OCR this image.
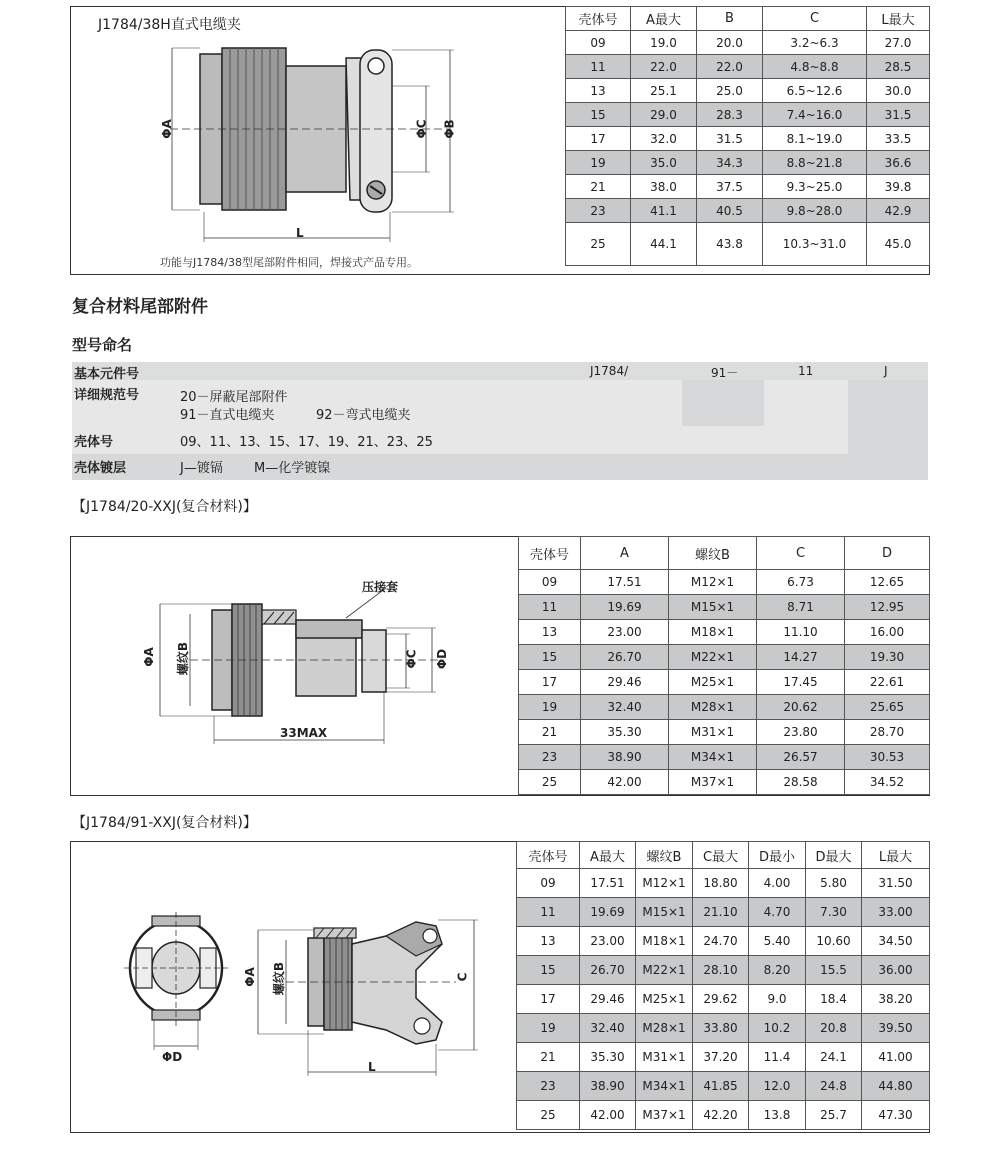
J1784/38H直式电缆夹
ΦA	ΦC ΦB
L
功能与J1784/38型尾部附件相同，焊接式产品专用。
壳体号	A最大	B	C	L最大
09	19.0	20.0	3.2~6.3	27.0
11	22.0	22.0	4.8~8.8	28.5
13	25.1	25.0	6.5~12.6	30.0
15	29.0	28.3	7.4~16.0	31.5
17	32.0	31.5	8.1~19.0	33.5
19	35.0	34.3	8.8~21.8	36.6
21	38.0	37.5	9.3~25.0	39.8
23	41.1	40.5	9.8~28.0	42.9
25	44.1	43.8	10.3~31.0	45.0
复合材料尾部附件
型号命名
基本元件号	J1784/	91－	11	J
详细规范号	20－屏蔽尾部附件
91－直式电缆夹	92－弯式电缆夹
壳体号	09、11、13、15、17、19、21、23、25
壳体镀层	J—镀镉 M—化学镀镍
【J1784/20-XXJ(复合材料)】
压接套
ΦA 螺纹B	ΦC ΦD
33MAX
壳体号	A	螺纹B	C	D
09	17.51	M12×1	6.73	12.65
11	19.69	M15×1	8.71	12.95
13	23.00	M18×1	11.10	16.00
15	26.70	M22×1	14.27	19.30
17	29.46	M25×1	17.45	22.61
19	32.40	M28×1	20.62	25.65
21	35.30	M31×1	23.80	28.70
23	38.90	M34×1	26.57	30.53
25	42.00	M37×1	28.58	34.52
【J1784/91-XXJ(复合材料)】
ΦD
ΦA 螺纹B	C
L
壳体号	A最大	螺纹B	C最大	D最小	D最大	L最大
09	17.51	M12×1	18.80	4.00	5.80	31.50
11	19.69	M15×1	21.10	4.70	7.30	33.00
13	23.00	M18×1	24.70	5.40	10.60	34.50
15	26.70	M22×1	28.10	8.20	15.5	36.00
17	29.46	M25×1	29.62	9.0	18.4	38.20
19	32.40	M28×1	33.80	10.2	20.8	39.50
21	35.30	M31×1	37.20	11.4	24.1	41.00
23	38.90	M34×1	41.85	12.0	24.8	44.80
25	42.00	M37×1	42.20	13.8	25.7	47.30
